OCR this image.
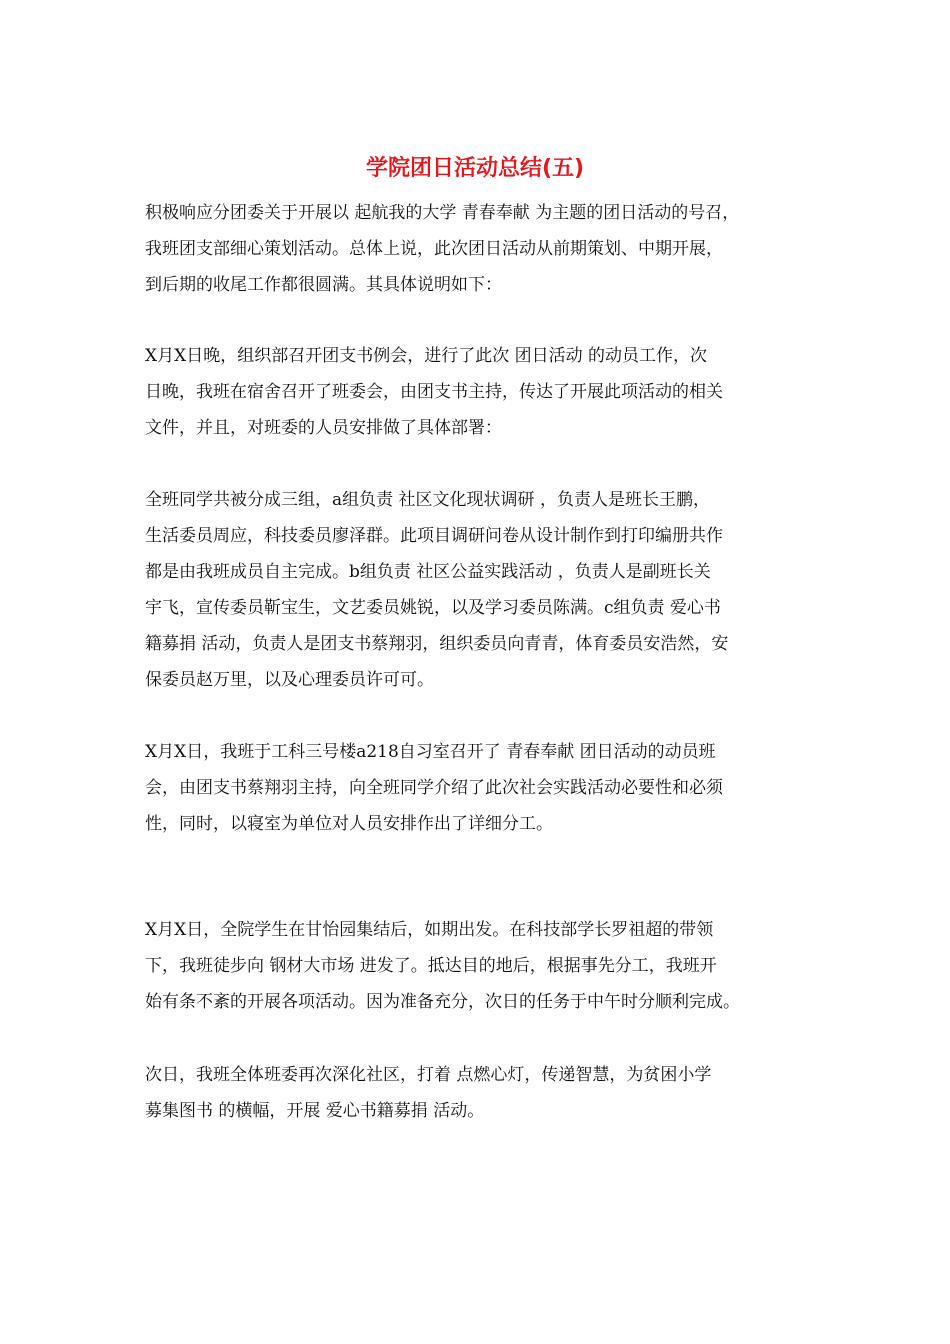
学院团日活动总结(五)
积极响应分团委关于开展以 起航我的大学 青春奉献 为主题的团日活动的号召，
我班团支部细心策划活动。总体上说，此次团日活动从前期策划、中期开展，
到后期的收尾工作都很圆满。其具体说明如下：
X月X日晚，组织部召开团支书例会，进行了此次 团日活动 的动员工作，次
日晚，我班在宿舍召开了班委会，由团支书主持，传达了开展此项活动的相关
文件，并且，对班委的人员安排做了具体部署：
全班同学共被分成三组，a组负责 社区文化现状调研 ，负责人是班长王鹏，
生活委员周应，科技委员廖泽群。此项目调研问卷从设计制作到打印编册共作
都是由我班成员自主完成。b组负责 社区公益实践活动 ，负责人是副班长关
宇飞，宣传委员靳宝生，文艺委员姚锐，以及学习委员陈满。c组负责 爱心书
籍募捐 活动，负责人是团支书蔡翔羽，组织委员向青青，体育委员安浩然，安
保委员赵万里，以及心理委员许可可。
X月X日，我班于工科三号楼a218自习室召开了 青春奉献 团日活动的动员班
会，由团支书蔡翔羽主持，向全班同学介绍了此次社会实践活动必要性和必须
性，同时，以寝室为单位对人员安排作出了详细分工。
X月X日，全院学生在甘怡园集结后，如期出发。在科技部学长罗祖超的带领
下，我班徒步向 钢材大市场 进发了。抵达目的地后，根据事先分工，我班开
始有条不紊的开展各项活动。因为准备充分，次日的任务于中午时分顺利完成。
次日，我班全体班委再次深化社区，打着 点燃心灯，传递智慧，为贫困小学
募集图书 的横幅，开展 爱心书籍募捐 活动。
